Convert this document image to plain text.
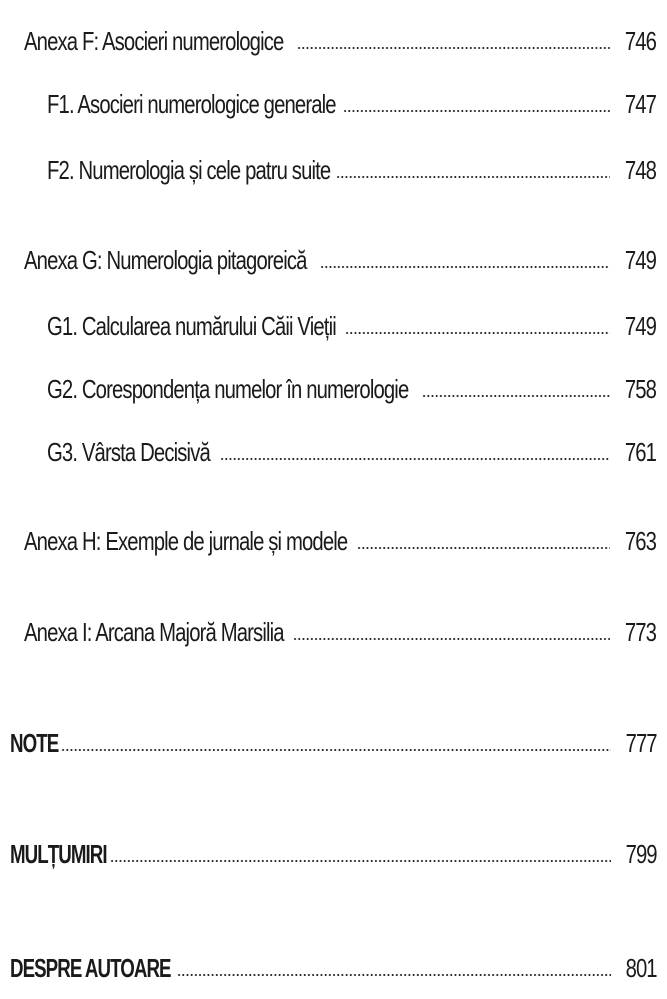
Anexa F: Asocieri numerologice	746
F1. Asocieri numerologice generale	747
F2. Numerologia și cele patru suite	748
Anexa G: Numerologia pitagoreică	749
G1. Calcularea numărului Căii Vieții	749
G2. Corespondența numelor în numerologie	758
G3. Vârsta Decisivă	761
Anexa H: Exemple de jurnale și modele	763
Anexa I: Arcana Majoră Marsilia	773
NOTE	777
MULȚUMIRI	799
DESPRE AUTOARE	801
